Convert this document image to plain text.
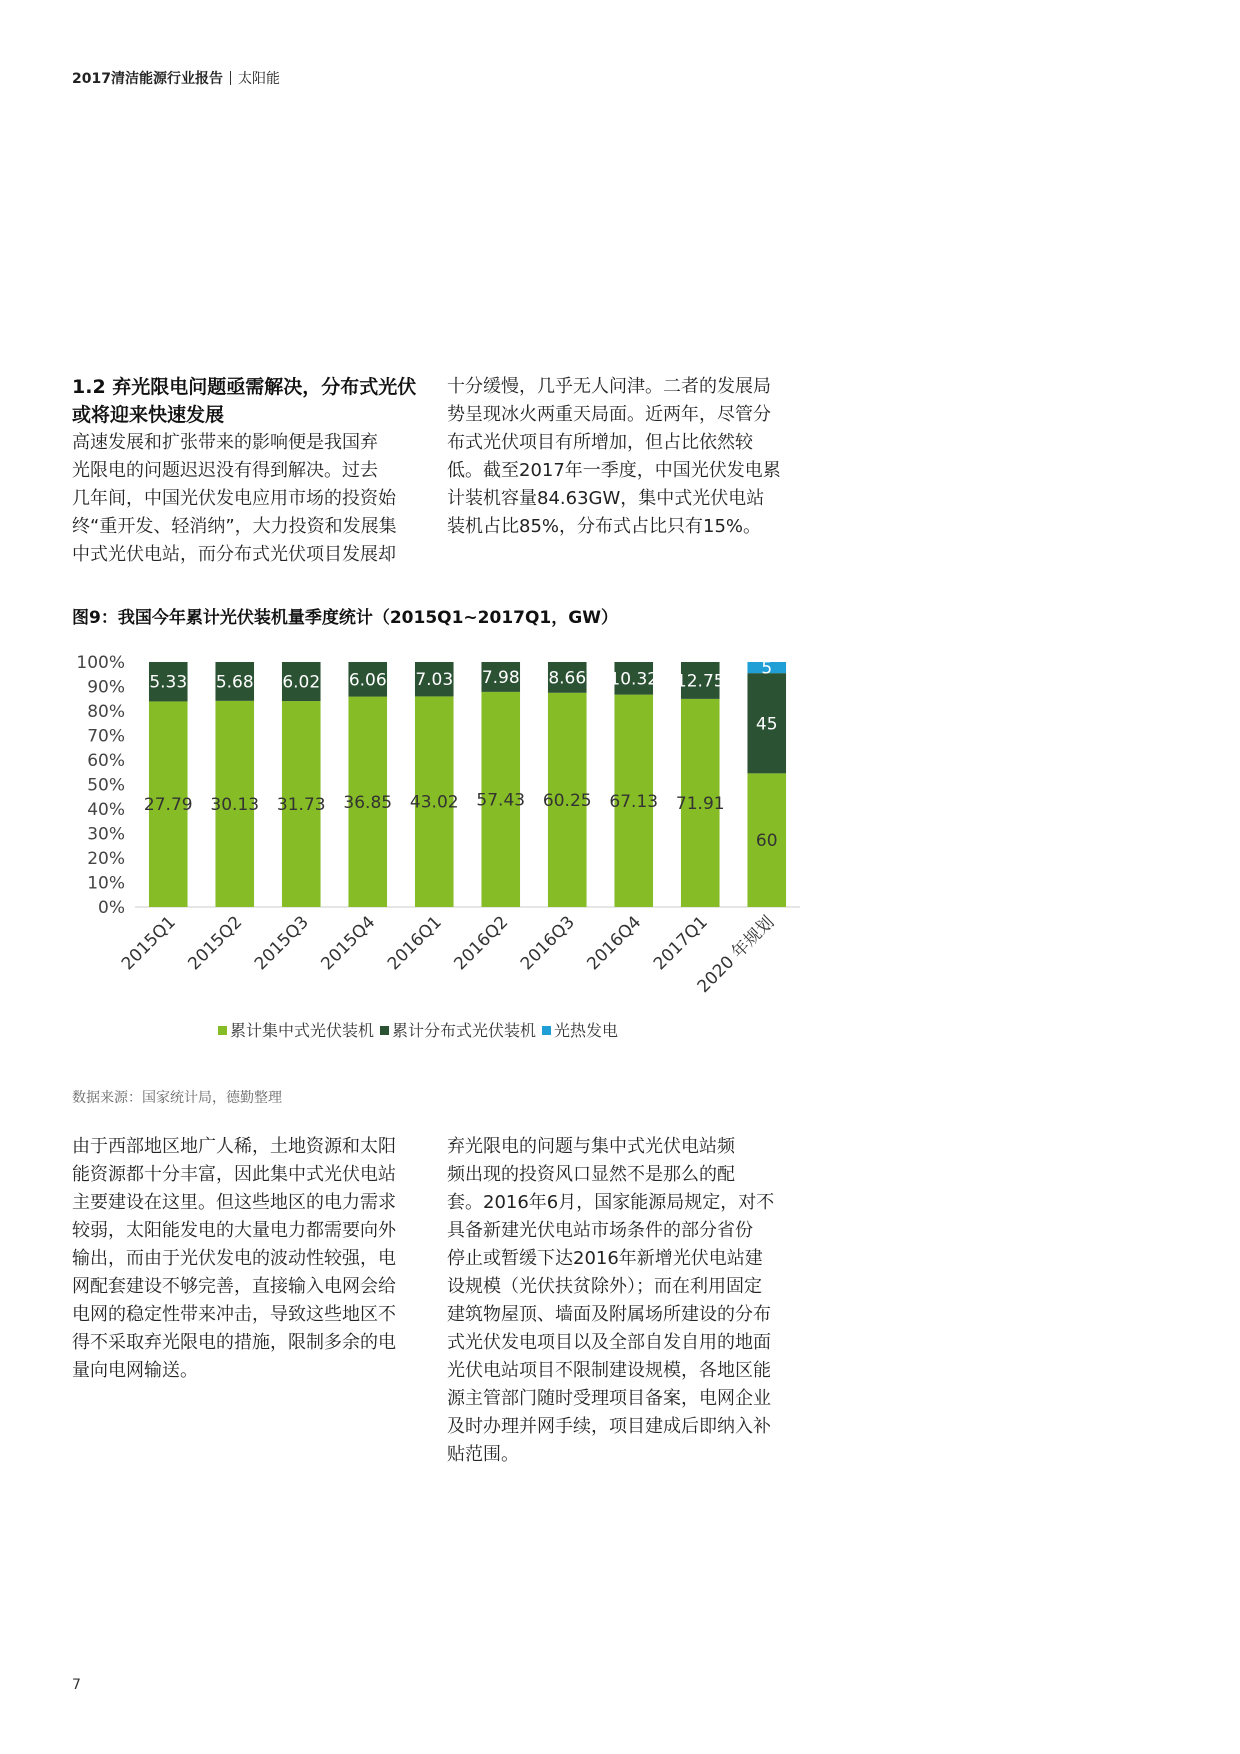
2017清洁能源行业报告 太阳能

1.2 弃光限电问题亟需解决，分布式光伏或将迎来快速发展

高速发展和扩张带来的影响便是我国弃

光限电的问题迟迟没有得到解决。过去

几年间，中国光伏发电应用市场的投资始

终“重开发、轻消纳”，大力投资和发展集

中式光伏电站，而分布式光伏项目发展却

十分缓慢，几乎无人问津。二者的发展局

势呈现冰火两重天局面。近两年，尽管分

布式光伏项目有所增加，但占比依然较

低。截至2017年一季度，中国光伏发电累

计装机容量84.63GW，集中式光伏电站

装机占比85%，分布式占比只有15%。

图9：我国今年累计光伏装机量季度统计（2015Q1~2017Q1，GW）
0%
10%
20%
30%
40%
50%
60%
70%
80%
90%
100%
27.79
5.33
2015Q1
30.13
5.68
2015Q2
31.73
6.02
2015Q3
36.85
6.06
2015Q4
43.02
7.03
2016Q1
57.43
7.98
2016Q2
60.25
8.66
2016Q3
67.13
10.32
2016Q4
71.91
12.75
2017Q1
60
45
5
2020 年规划
累计集中式光伏装机 累计分布式光伏装机 光热发电
数据来源：国家统计局，德勤整理

由于西部地区地广人稀，土地资源和太阳

能资源都十分丰富，因此集中式光伏电站

主要建设在这里。但这些地区的电力需求

较弱，太阳能发电的大量电力都需要向外

输出，而由于光伏发电的波动性较强，电

网配套建设不够完善，直接输入电网会给

电网的稳定性带来冲击，导致这些地区不

得不采取弃光限电的措施，限制多余的电

量向电网输送。

弃光限电的问题与集中式光伏电站频

频出现的投资风口显然不是那么的配

套。2016年6月，国家能源局规定，对不

具备新建光伏电站市场条件的部分省份

停止或暂缓下达2016年新增光伏电站建

设规模（光伏扶贫除外）；而在利用固定

建筑物屋顶、墙面及附属场所建设的分布

式光伏发电项目以及全部自发自用的地面

光伏电站项目不限制建设规模，各地区能

源主管部门随时受理项目备案，电网企业

及时办理并网手续，项目建成后即纳入补

贴范围。

7
